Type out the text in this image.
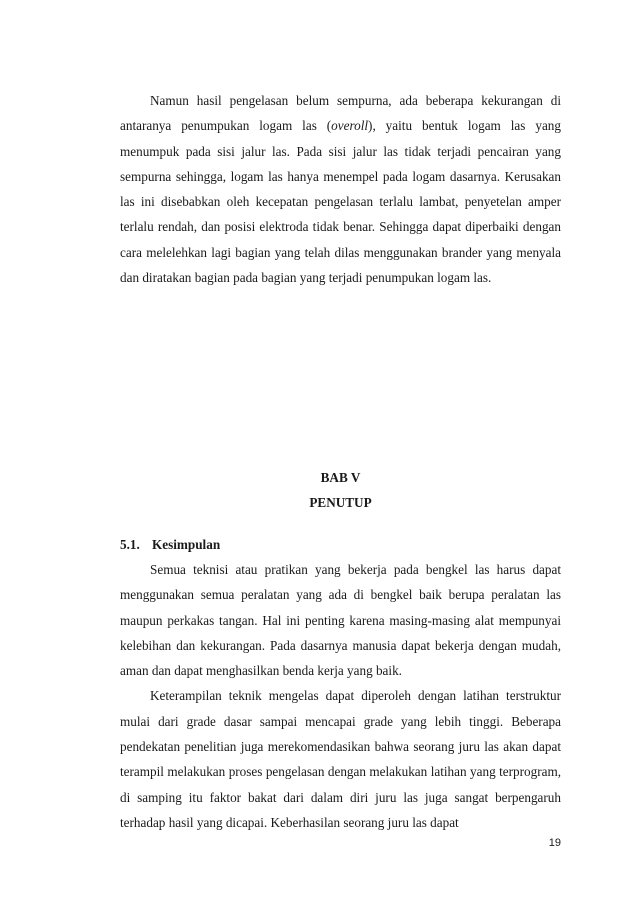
Namun hasil pengelasan belum sempurna, ada beberapa kekurangan di antaranya penumpukan logam las (overoll), yaitu bentuk logam las yang menumpuk pada sisi jalur las. Pada sisi jalur las tidak terjadi pencairan yang sempurna sehingga, logam las hanya menempel pada logam dasarnya. Kerusakan las ini disebabkan oleh kecepatan pengelasan terlalu lambat, penyetelan amper terlalu rendah, dan posisi elektroda tidak benar. Sehingga dapat diperbaiki dengan cara melelehkan lagi bagian yang telah dilas menggunakan brander yang menyala dan diratakan bagian pada bagian yang terjadi penumpukan logam las.

BAB V
PENUTUP
5.1. Kesimpulan

Semua teknisi atau pratikan yang bekerja pada bengkel las harus dapat menggunakan semua peralatan yang ada di bengkel baik berupa peralatan las maupun perkakas tangan. Hal ini penting karena masing-masing alat mempunyai kelebihan dan kekurangan. Pada dasarnya manusia dapat bekerja dengan mudah, aman dan dapat menghasilkan benda kerja yang baik.

Keterampilan teknik mengelas dapat diperoleh dengan latihan terstruktur mulai dari grade dasar sampai mencapai grade yang lebih tinggi. Beberapa pendekatan penelitian juga merekomendasikan bahwa seorang juru las akan dapat terampil melakukan proses pengelasan dengan melakukan latihan yang terprogram, di samping itu faktor bakat dari dalam diri juru las juga sangat berpengaruh terhadap hasil yang dicapai. Keberhasilan seorang juru las dapat

19
